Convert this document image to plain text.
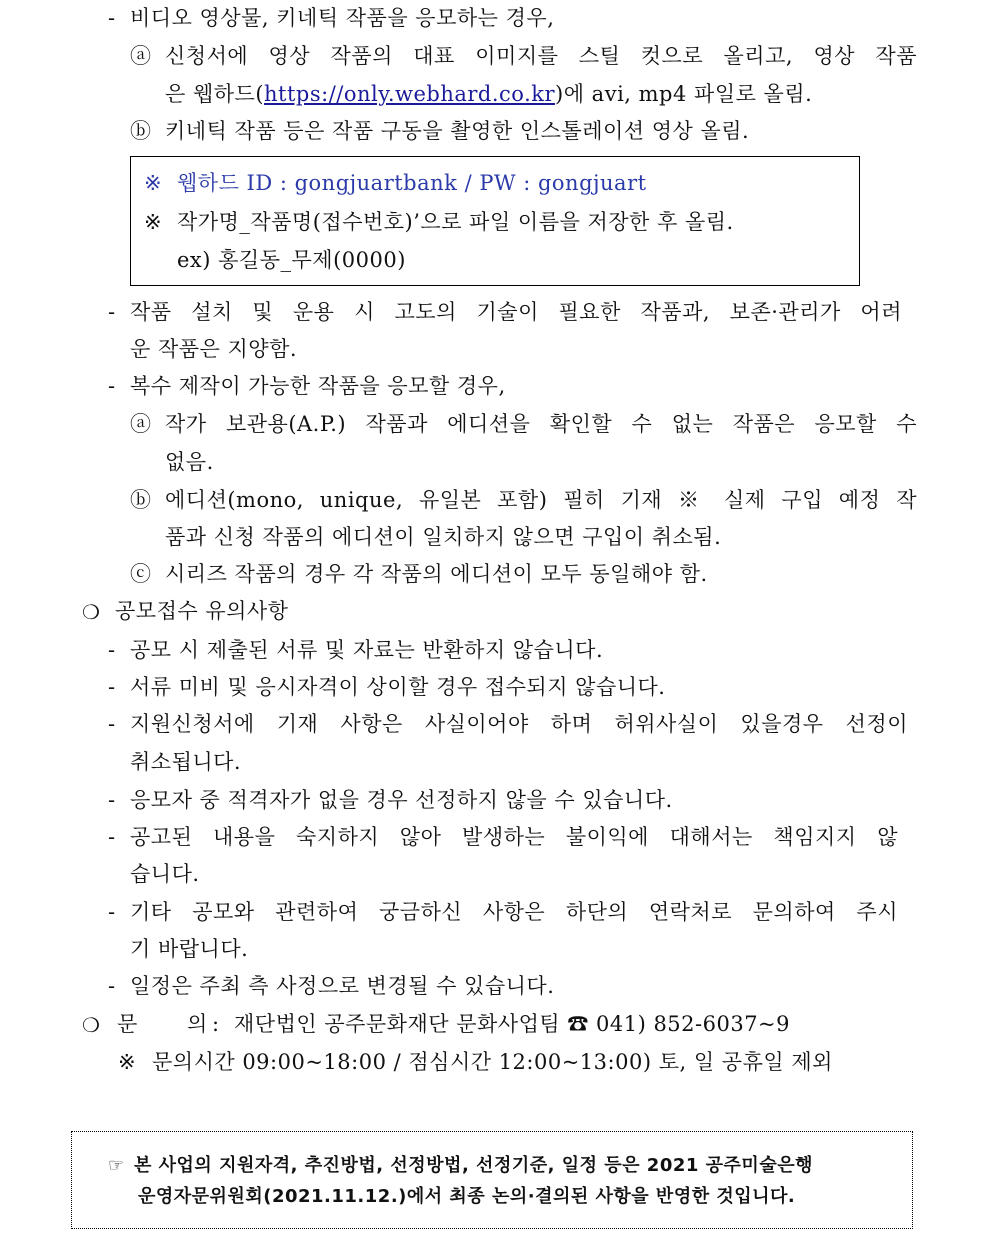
- 비디오 영상물, 키네틱 작품을 응모하는 경우,
ⓐ 신청서에 영상 작품의 대표 이미지를 스틸 컷으로 올리고, 영상 작품
은 웹하드(https://only.webhard.co.kr)에 avi, mp4 파일로 올림.
ⓑ 키네틱 작품 등은 작품 구동을 촬영한 인스톨레이션 영상 올림.
※ 웹하드 ID : gongjuartbank / PW : gongjuart
※ 작가명_작품명(접수번호)’으로 파일 이름을 저장한 후 올림.
ex) 홍길동_무제(0000)
- 작품 설치 및 운용 시 고도의 기술이 필요한 작품과, 보존·관리가 어려
운 작품은 지양함.
- 복수 제작이 가능한 작품을 응모할 경우,
ⓐ 작가 보관용(A.P.) 작품과 에디션을 확인할 수 없는 작품은 응모할 수
없음.
ⓑ 에디션(mono, unique, 유일본 포함) 필히 기재 ※ 실제 구입 예정 작
품과 신청 작품의 에디션이 일치하지 않으면 구입이 취소됨.
ⓒ 시리즈 작품의 경우 각 작품의 에디션이 모두 동일해야 함.
❍ 공모접수 유의사항
- 공모 시 제출된 서류 및 자료는 반환하지 않습니다.
- 서류 미비 및 응시자격이 상이할 경우 접수되지 않습니다.
- 지원신청서에 기재 사항은 사실이어야 하며 허위사실이 있을경우 선정이
취소됩니다.
- 응모자 중 적격자가 없을 경우 선정하지 않을 수 있습니다.
- 공고된 내용을 숙지하지 않아 발생하는 불이익에 대해서는 책임지지 않
습니다.
- 기타 공모와 관련하여 궁금하신 사항은 하단의 연락처로 문의하여 주시
기 바랍니다.
- 일정은 주최 측 사정으로 변경될 수 있습니다.
❍ 문 의 : 재단법인 공주문화재단 문화사업팀 ☎ 041) 852-6037~9
※ 문의시간 09:00~18:00 / 점심시간 12:00~13:00) 토, 일 공휴일 제외
☞ 본 사업의 지원자격, 추진방법, 선정방법, 선정기준, 일정 등은 2021 공주미술은행
운영자문위원회(2021.11.12.)에서 최종 논의·결의된 사항을 반영한 것입니다.
